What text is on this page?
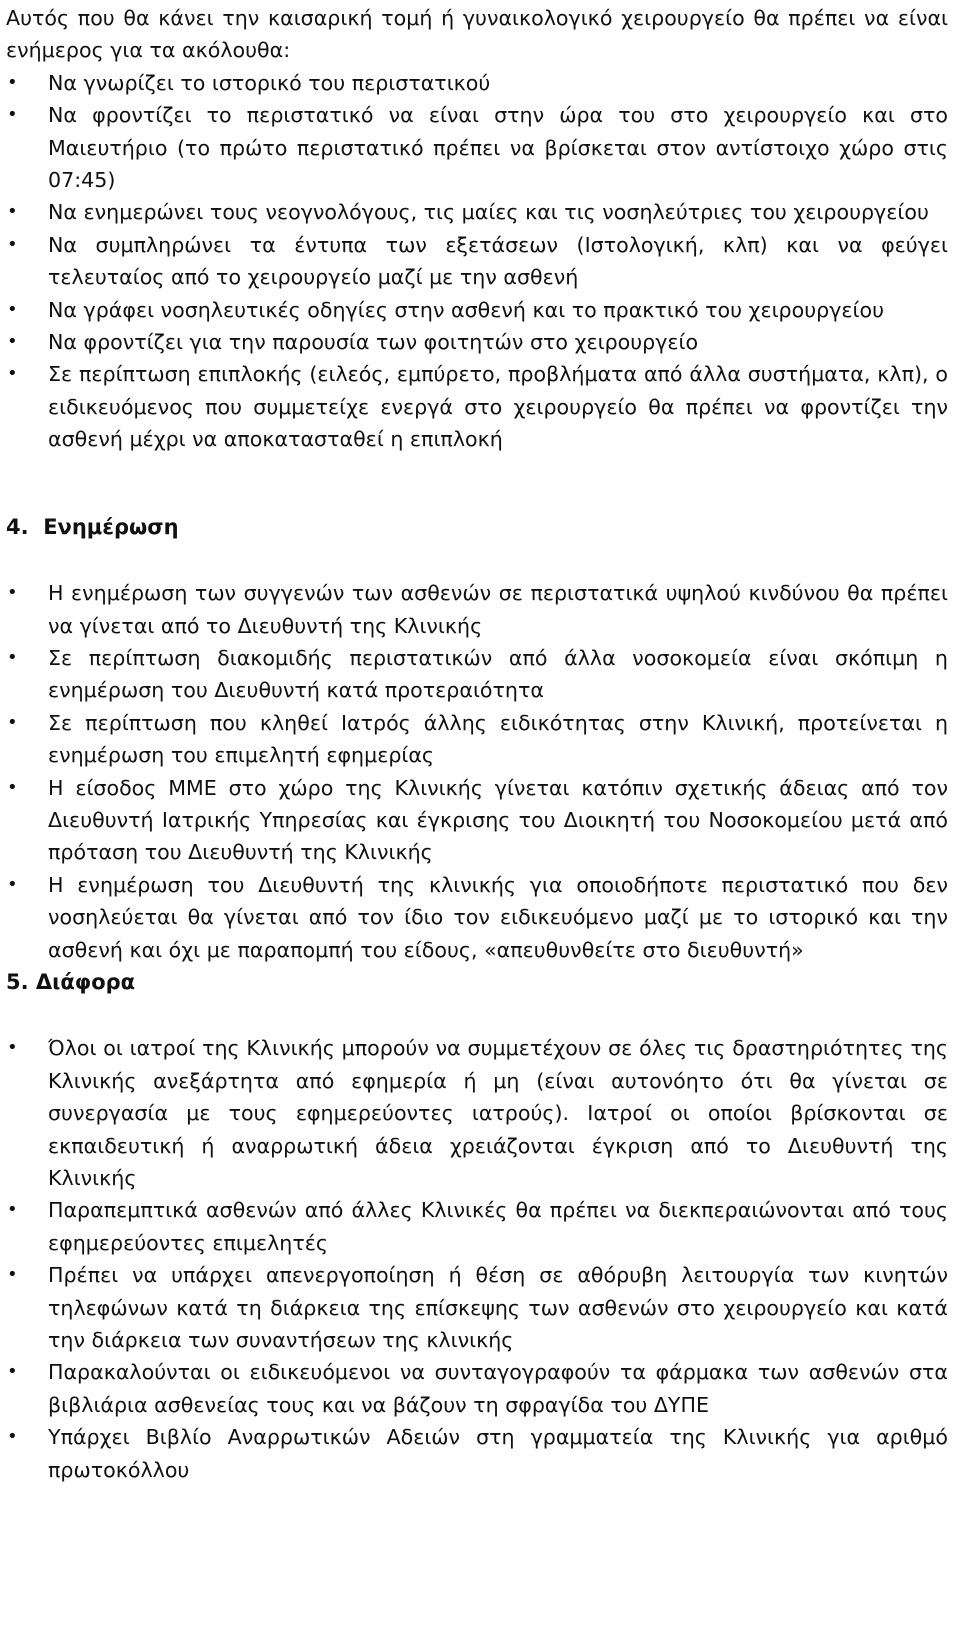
Αυτός που θα κάνει την καισαρική τομή ή γυναικολογικό χειρουργείο θα πρέπει να είναι ενήμερος για τα ακόλουθα:

• Να γνωρίζει το ιστορικό του περιστατικού
• Να φροντίζει το περιστατικό να είναι στην ώρα του στο χειρουργείο και στο Μαιευτήριο (το πρώτο περιστατικό πρέπει να βρίσκεται στον αντίστοιχο χώρο στις 07:45)
• Να ενημερώνει τους νεογνολόγους, τις μαίες και τις νοσηλεύτριες του χειρουργείου
• Να συμπληρώνει τα έντυπα των εξετάσεων (Ιστολογική, κλπ) και να φεύγει τελευταίος από το χειρουργείο μαζί με την ασθενή
• Να γράφει νοσηλευτικές οδηγίες στην ασθενή και το πρακτικό του χειρουργείου
• Να φροντίζει για την παρουσία των φοιτητών στο χειρουργείο
• Σε περίπτωση επιπλοκής (ειλεός, εμπύρετο, προβλήματα από άλλα συστήματα, κλπ), ο ειδικευόμενος που συμμετείχε ενεργά στο χειρουργείο θα πρέπει να φροντίζει την ασθενή μέχρι να αποκατασταθεί η επιπλοκή
4.  Ενημέρωση
• Η ενημέρωση των συγγενών των ασθενών σε περιστατικά υψηλού κινδύνου θα πρέπει να γίνεται από το Διευθυντή της Κλινικής
• Σε περίπτωση διακομιδής περιστατικών από άλλα νοσοκομεία είναι σκόπιμη η ενημέρωση του Διευθυντή κατά προτεραιότητα
• Σε περίπτωση που κληθεί Ιατρός άλλης ειδικότητας στην Κλινική, προτείνεται η ενημέρωση του επιμελητή εφημερίας
• Η είσοδος ΜΜΕ στο χώρο της Κλινικής γίνεται κατόπιν σχετικής άδειας από τον Διευθυντή Ιατρικής Υπηρεσίας και έγκρισης του Διοικητή του Νοσοκομείου μετά από πρόταση του Διευθυντή της Κλινικής
• Η ενημέρωση του Διευθυντή της κλινικής για οποιοδήποτε περιστατικό που δεν νοσηλεύεται θα γίνεται από τον ίδιο τον ειδικευόμενο μαζί με το ιστορικό και την ασθενή και όχι με παραπομπή του είδους, «απευθυνθείτε στο διευθυντή»
5. Διάφορα
• Όλοι οι ιατροί της Κλινικής μπορούν να συμμετέχουν σε όλες τις δραστηριότητες της Κλινικής ανεξάρτητα από εφημερία ή μη (είναι αυτονόητο ότι θα γίνεται σε συνεργασία με τους εφημερεύοντες ιατρούς). Ιατροί οι οποίοι βρίσκονται σε εκπαιδευτική ή αναρρωτική άδεια χρειάζονται έγκριση από το Διευθυντή της Κλινικής
• Παραπεμπτικά ασθενών από άλλες Κλινικές θα πρέπει να διεκπεραιώνονται από τους εφημερεύοντες επιμελητές
• Πρέπει να υπάρχει απενεργοποίηση ή θέση σε αθόρυβη λειτουργία των κινητών τηλεφώνων κατά τη διάρκεια της επίσκεψης των ασθενών στο χειρουργείο και κατά την διάρκεια των συναντήσεων της κλινικής
• Παρακαλούνται οι ειδικευόμενοι να συνταγογραφούν τα φάρμακα των ασθενών στα βιβλιάρια ασθενείας τους και να βάζουν τη σφραγίδα του ΔΥΠΕ
• Υπάρχει Βιβλίο Αναρρωτικών Αδειών στη γραμματεία της Κλινικής για αριθμό πρωτοκόλλου
